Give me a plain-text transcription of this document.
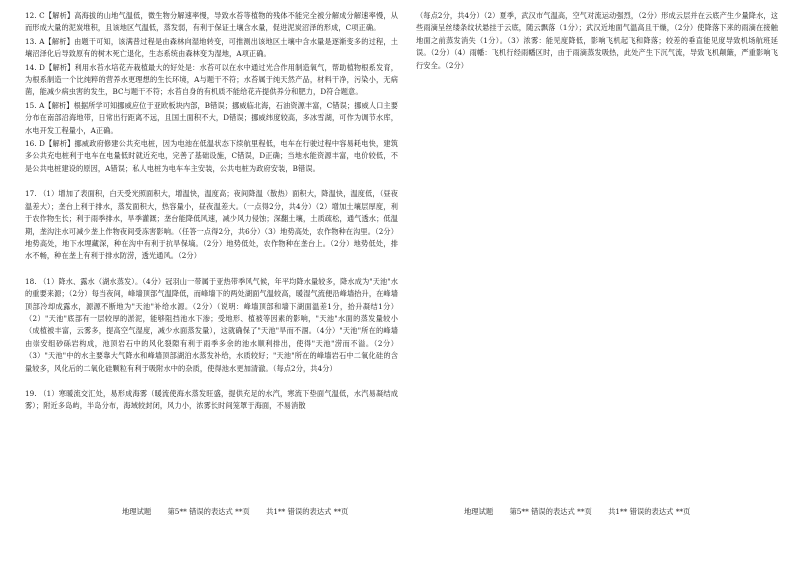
12. C【解析】高海拔的山地气温低，微生物分解速率慢，导致水苔等植物的残体不能完全被分解成分解速率慢，从而形成大量的泥炭堆积，且该地区气温低，蒸发弱，有利于保证土壤含水量，促进泥炭沼泽的形成，C项正确。

13. A【解析】由题干可知，该满普过程是由森林向湿地转变，可推测出该地区土壤中含水量是逐渐变多的过程，土壤沼泽化后导致原有的树木死亡退化，生态系统由森林变为湿地，A项正确。

14. D【解析】利用水苔水培花卉栽植最大的好处是：水苔可以在水中通过光合作用制造氧气，帮助植物根系发育，为根系制造一个比纯粹的营养水更理想的生长环境，A与题干不符；水苔属于纯天然产品，材料干净，污染小，无病菌，能减少病虫害的发生，BC与题干不符；水苔自身的有机质不能给花卉提供养分和肥力，D符合题意。

15. A【解析】根据所学可知挪威应位于亚欧板块内部，B错误；挪威临北海，石油资源丰富，C错误；挪威人口主要分布在南部沿海地带，日常出行距离不远，且国土面积不大，D错误；挪威纬度较高，多冰雪湖，可作为调节水库，水电开发工程量小，A正确。

16. D【解析】挪威政府修建公共充电桩，因为电池在低温状态下续航里程低，电车在行驶过程中容易耗电快，建筑多公共充电桩利于电车在电量低时就近充电，完善了基础设施，C错误，D正确；当地水能资源丰富，电价较低，不是公共电桩建设的原因，A错误；私人电桩为电车车主安装，公共电桩为政府安装，B错误。

17. （1）增加了表面积，白天受光照面积大，增温快，温度高；夜间降温（散热）面积大，降温快，温度低，（昼夜温差大）；垄台上利于排水，蒸发面积大，热容量小，昼夜温差大。（一点得2分，共4分）（2）增加土壤层厚度，利于农作物生长；利于雨季排水，旱季灌溉；垄台能降低风速，减少风力侵蚀；深翻土壤，土质疏松，通气透水；低温期，垄沟注水可减少垄上作物夜间受冻害影响。（任答一点得2分，共6分）（3）地势高处，农作物种在沟里。（2分）地势高处，地下水埋藏深，种在沟中有利于抗旱保墒。（2分）地势低处，农作物种在垄台上。（2分）地势低处，排水不畅，种在垄上有利于排水防涝，透光通风。（2分）

18. （1）降水、露水（湖水蒸发）。（4分）冠羽山一带属于亚热带季风气候，年平均降水量较多，降水成为"天池"水的重要来源；（2分）每当夜间，峰墙顶部气温降低，而峰墙下的两处湖面气温较高，暖湿气流便沿峰墙抬升，在峰墙顶部冷却成露水，源源不断地为"天池"补给水源。（2分）（说明：峰墙顶部和墙下湖面温差1分，抬升凝结1分）（2）"天池"底部有一层较厚的淤泥，能够阻挡池水下渗；受地形、植被等因素的影响，"天池"水面的蒸发量较小（成植被丰富，云雾多，提高空气湿度，减少水面蒸发量），这就确保了"天池"旱而不涸。（4分）"天池"所在的峰墙由崇安组砂砾岩构成，池顶岩石中的风化裂隙有利于雨季多余的池水顺利排出，使得"天池"涝而不溢。（2分）（3）"天池"中的水主要靠大气降水和峰墙顶部湖泊水蒸发补给，水质较好；"天池"所在的峰墙岩石中二氧化硅的含量较多，风化后的二氧化硅颗粒有利于吸附水中的杂质，使得池水更加清澈。（每点2分，共4分）

19. （1）寒暖流交汇处，易形成海雾（暖流使海水蒸发旺盛，提供充足的水汽，寒流下垫面气温低，水汽易凝结成雾）；附近多岛屿，半岛分布，海域较封闭，风力小，浓雾长时间笼罩于海面，不易消散

（每点2分，共4分）（2）夏季，武汉市气温高，空气对流运动强烈，（2分）形成云层并在云底产生少量降水，这些雨滴呈丝缕条纹状悬挂于云底，随云飘落（1分）；武汉近地面气温高且干燥，（2分）使降落下来的雨滴在接触地面之前蒸发消失（1分）。（3）浓雾：能见度降低，影响飞机起飞和降落；较差的垂直能见度导致机场航班延误。（2分）（4）雨幡：飞机行经雨幡区时，由于雨滴蒸发吸热，此处产生下沉气流，导致飞机颠簸，严重影响飞行安全。（2分）

地理试题 第5** 错误的表达式 **页 共1** 错误的表达式 **页	地理试题 第5** 错误的表达式 **页 共1** 错误的表达式 **页
